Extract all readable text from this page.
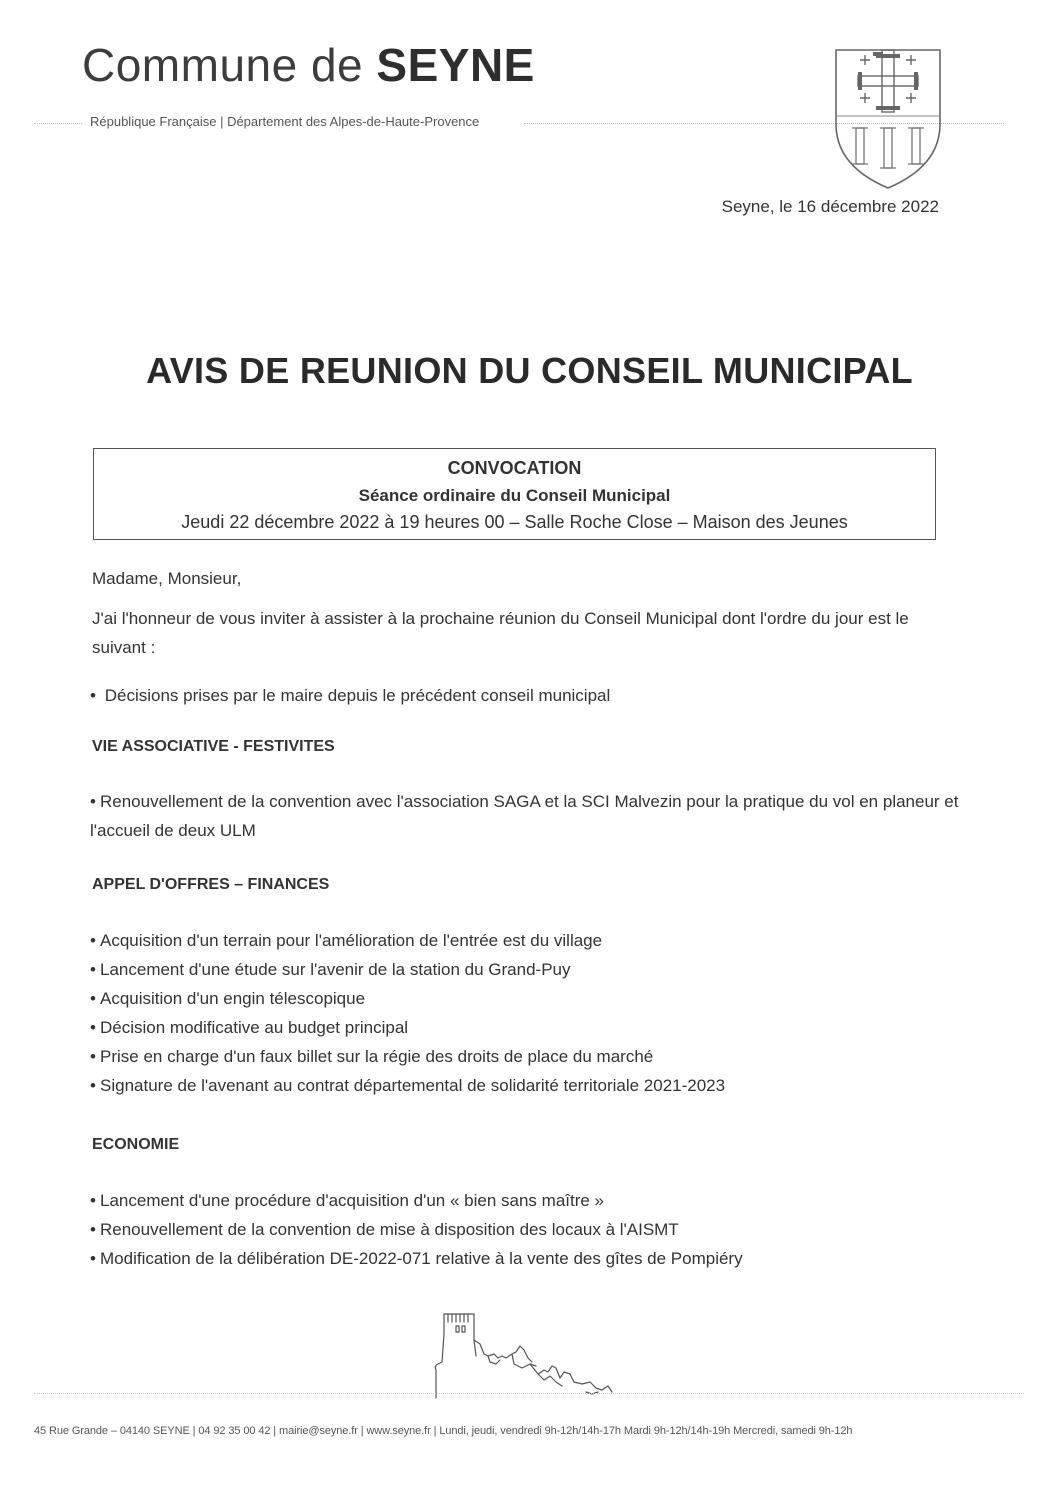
Commune de SEYNE
République Française | Département des Alpes-de-Haute-Provence
Seyne, le 16 décembre 2022
AVIS DE REUNION DU CONSEIL MUNICIPAL
CONVOCATION
Séance ordinaire du Conseil Municipal
Jeudi 22 décembre 2022 à 19 heures 00 – Salle Roche Close – Maison des Jeunes
Madame, Monsieur,
J'ai l'honneur de vous inviter à assister à la prochaine réunion du Conseil Municipal dont l'ordre du jour est le suivant :
• Décisions prises par le maire depuis le précédent conseil municipal
VIE ASSOCIATIVE - FESTIVITES
• Renouvellement de la convention avec l'association SAGA et la SCI Malvezin pour la pratique du vol en planeur et l'accueil de deux ULM
APPEL D'OFFRES – FINANCES
• Acquisition d'un terrain pour l'amélioration de l'entrée est du village
• Lancement d'une étude sur l'avenir de la station du Grand-Puy
• Acquisition d'un engin télescopique
• Décision modificative au budget principal
• Prise en charge d'un faux billet sur la régie des droits de place du marché
• Signature de l'avenant au contrat départemental de solidarité territoriale 2021-2023
ECONOMIE
• Lancement d'une procédure d'acquisition d'un « bien sans maître »
• Renouvellement de la convention de mise à disposition des locaux à l'AISMT
• Modification de la délibération DE-2022-071 relative à la vente des gîtes de Pompiéry
45 Rue Grande – 04140 SEYNE | 04 92 35 00 42 | mairie@seyne.fr | www.seyne.fr | Lundi, jeudi, vendredi 9h-12h/14h-17h Mardi 9h-12h/14h-19h Mercredi, samedi 9h-12h
